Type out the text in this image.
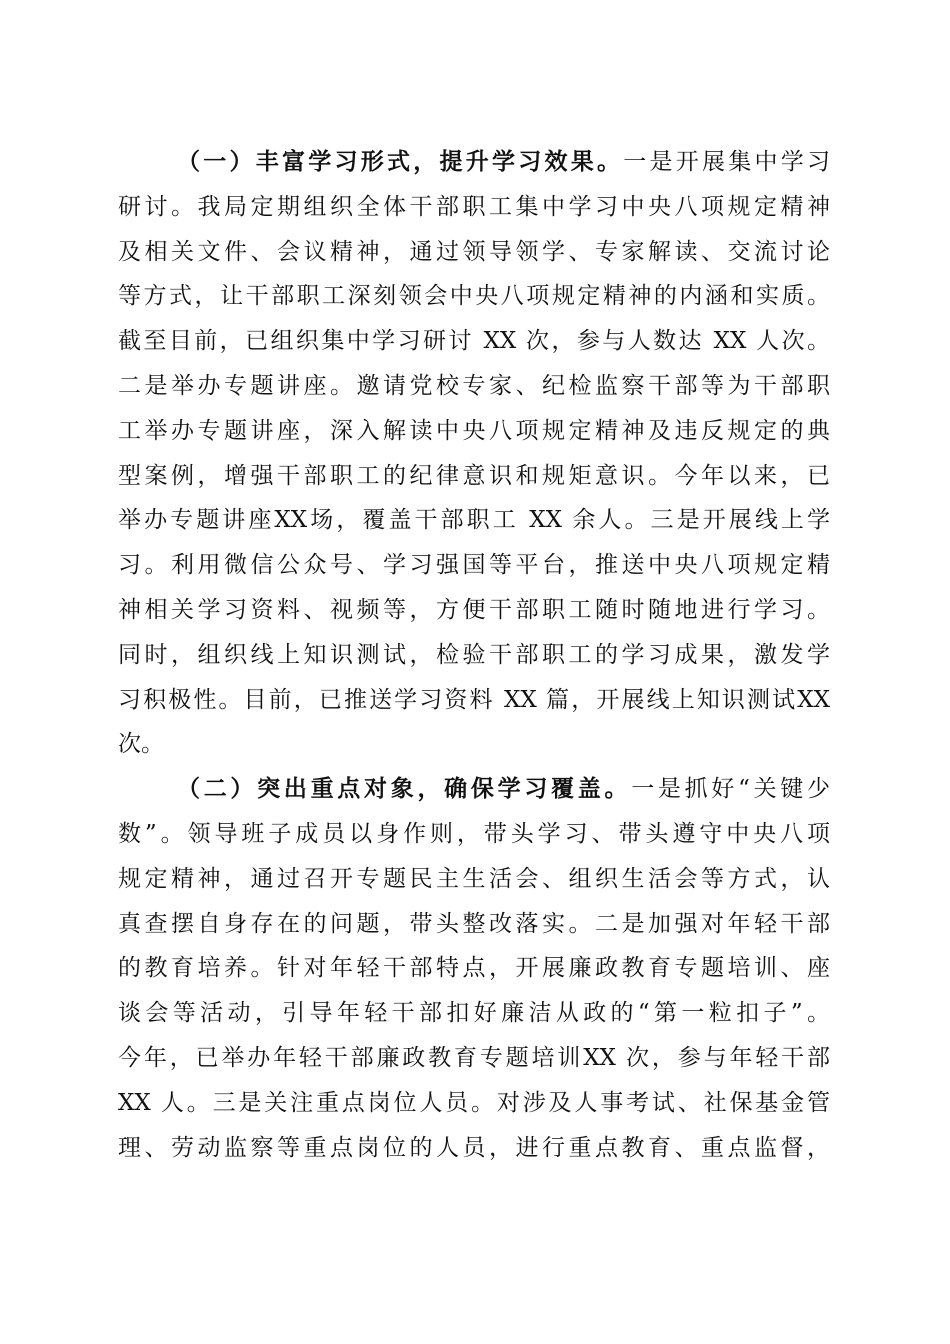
（一）丰富学习形式，提升学习效果。一是开展集中学习
研讨。我局定期组织全体干部职工集中学习中央八项规定精神
及相关文件、会议精神，通过领导领学、专家解读、交流讨论
等方式，让干部职工深刻领会中央八项规定精神的内涵和实质。
截至目前，已组织集中学习研讨 XX 次，参与人数达 XX 人次。
二是举办专题讲座。邀请党校专家、纪检监察干部等为干部职
工举办专题讲座，深入解读中央八项规定精神及违反规定的典
型案例，增强干部职工的纪律意识和规矩意识。今年以来，已
举办专题讲座XX场，覆盖干部职工 XX 余人。三是开展线上学
习。利用微信公众号、学习强国等平台，推送中央八项规定精
神相关学习资料、视频等，方便干部职工随时随地进行学习。
同时，组织线上知识测试，检验干部职工的学习成果，激发学
习积极性。目前，已推送学习资料 XX 篇，开展线上知识测试XX
次。
（二）突出重点对象，确保学习覆盖。一是抓好“关键少
数”。领导班子成员以身作则，带头学习、带头遵守中央八项
规定精神，通过召开专题民主生活会、组织生活会等方式，认
真查摆自身存在的问题，带头整改落实。二是加强对年轻干部
的教育培养。针对年轻干部特点，开展廉政教育专题培训、座
谈会等活动，引导年轻干部扣好廉洁从政的“第一粒扣子”。
今年，已举办年轻干部廉政教育专题培训XX 次，参与年轻干部
XX 人。三是关注重点岗位人员。对涉及人事考试、社保基金管
理、劳动监察等重点岗位的人员，进行重点教育、重点监督，
